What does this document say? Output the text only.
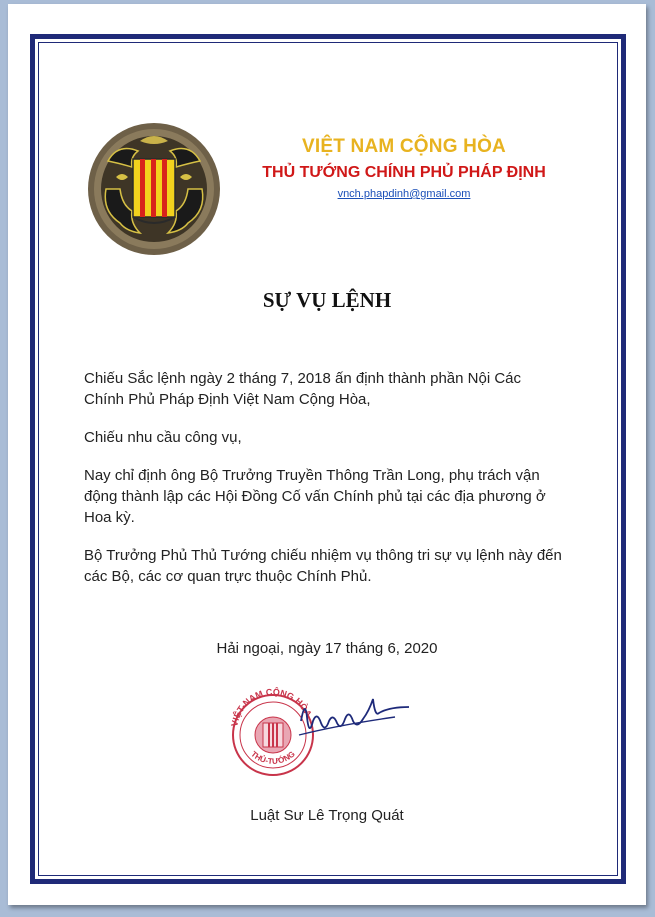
VIỆT NAM CỘNG HÒA
THỦ TƯỚNG CHÍNH PHỦ PHÁP ĐỊNH
vnch.phapdinh@gmail.com
SỰ VỤ LỆNH

Chiếu Sắc lệnh ngày 2 tháng 7, 2018 ấn định thành phần Nội Các Chính Phủ Pháp Định Việt Nam Cộng Hòa,

Chiếu nhu cầu công vụ,

Nay chỉ định ông Bộ Trưởng Truyền Thông Trần Long, phụ trách vận động thành lập các Hội Đồng Cố vấn Chính phủ tại các địa phương ở Hoa kỳ.

Bộ Trưởng Phủ Thủ Tướng chiếu nhiệm vụ thông tri sự vụ lệnh này đến các Bộ, các cơ quan trực thuộc Chính Phủ.

Hải ngoại, ngày 17 tháng 6, 2020
VIỆT-NAM CỘNG HÒA
THỦ-TƯỚNG
Luật Sư Lê Trọng Quát
